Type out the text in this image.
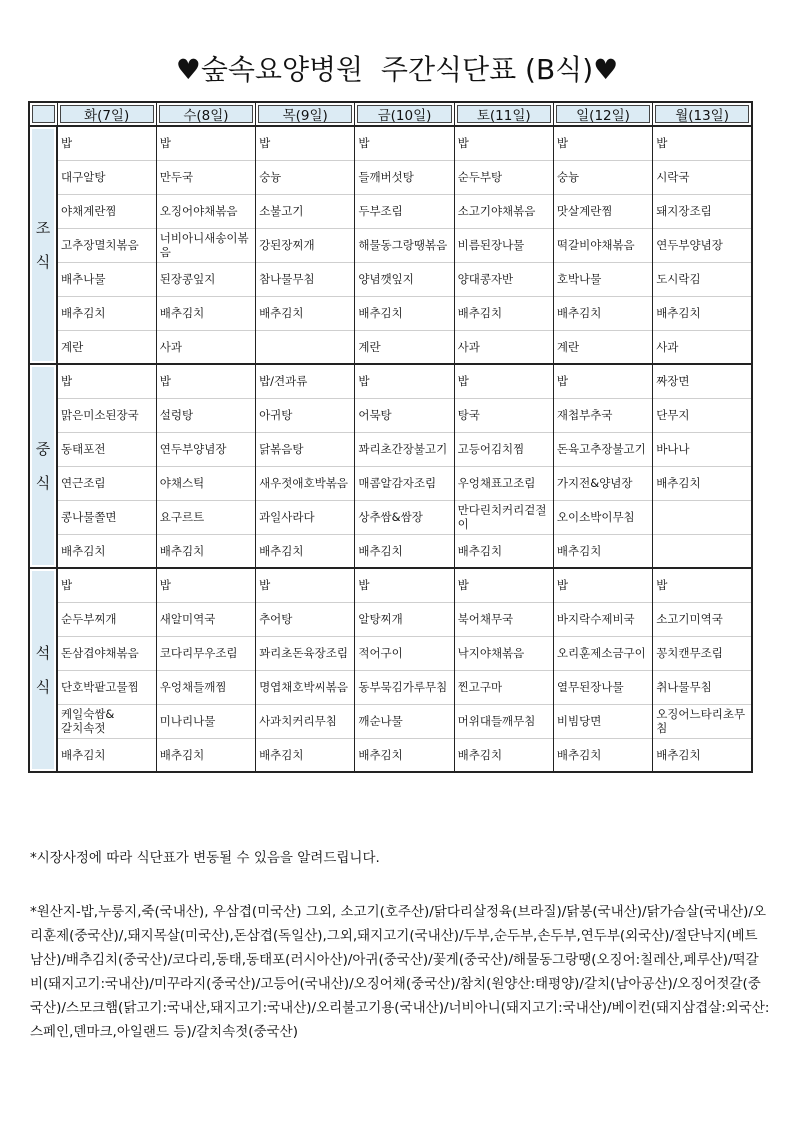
♥숲속요양병원  주간식단표 (B식)♥
	화(7일)	수(8일)	목(9일)	금(10일)	토(11일)	일(12일)	월(13일)

조
식	밥	밥	밥	밥	밥	밥	밥
	대구알탕	만두국	숭늉	들깨버섯탕	순두부탕	숭늉	시락국
	야채계란찜	오징어야채볶음	소불고기	두부조림	소고기야채볶음	맛살계란찜	돼지장조림
	고추장멸치볶음	너비아니새송이볶음	강된장찌개	해물동그랑땡볶음	비름된장나물	떡갈비야채볶음	연두부양념장
	배추나물	된장콩잎지	참나물무침	양념깻잎지	양대콩자반	호박나물	도시락김
	배추김치	배추김치	배추김치	배추김치	배추김치	배추김치	배추김치
	계란	사과		계란	사과	계란	사과

중
식	밥	밥	밥/견과류	밥	밥	밥	짜장면
	맑은미소된장국	설렁탕	아귀탕	어묵탕	탕국	재첩부추국	단무지
	동태포전	연두부양념장	닭볶음탕	꽈리초간장불고기	고등어김치찜	돈육고추장불고기	바나나
	연근조림	야채스틱	새우젓애호박볶음	매콤알감자조림	우엉채표고조림	가지전&양념장	배추김치
	콩나물쫄면	요구르트	과일사라다	상추쌈&쌈장	만다린치커리겉절이	오이소박이무침	
	배추김치	배추김치	배추김치	배추김치	배추김치	배추김치	

석
식	밥	밥	밥	밥	밥	밥	밥
	순두부찌개	새알미역국	추어탕	알탕찌개	북어채무국	바지락수제비국	소고기미역국
	돈삼겹야채볶음	코다리무우조림	꽈리초돈육장조림	적어구이	낙지야채볶음	오리훈제소금구이	꽁치캔무조림
	단호박팥고물찜	우엉채들깨찜	명엽채호박씨볶음	동부묵김가루무침	찐고구마	열무된장나물	취나물무침
	케일숙쌈&갈치속젓	미나리나물	사과치커리무침	깨순나물	머위대들깨무침	비빔당면	오징어느타리초무침
	배추김치	배추김치	배추김치	배추김치	배추김치	배추김치	배추김치
*시장사정에 따라 식단표가 변동될 수 있음을 알려드립니다.
*원산지-밥,누룽지,죽(국내산), 우삼겹(미국산) 그외, 소고기(호주산)/닭다리살정육(브라질)/닭봉(국내산)/닭가슴살(국내산)/오리훈제(중국산)/,돼지목살(미국산),돈삼겹(독일산),그외,돼지고기(국내산)/두부,순두부,손두부,연두부(외국산)/절단낙지(베트남산)/배추김치(중국산)/코다리,동태,동태포(러시아산)/아귀(중국산)/꽃게(중국산)/해물동그랑땡(오징어:칠레산,페루산)/떡갈비(돼지고기:국내산)/미꾸라지(중국산)/고등어(국내산)/오징어채(중국산)/참치(원양산:태평양)/갈치(남아공산)/오징어젓갈(중국산)/스모크햄(닭고기:국내산,돼지고기:국내산)/오리불고기용(국내산)/너비아니(돼지고기:국내산)/베이컨(돼지삼겹살:외국산:스페인,덴마크,아일랜드 등)/갈치속젓(중국산)
